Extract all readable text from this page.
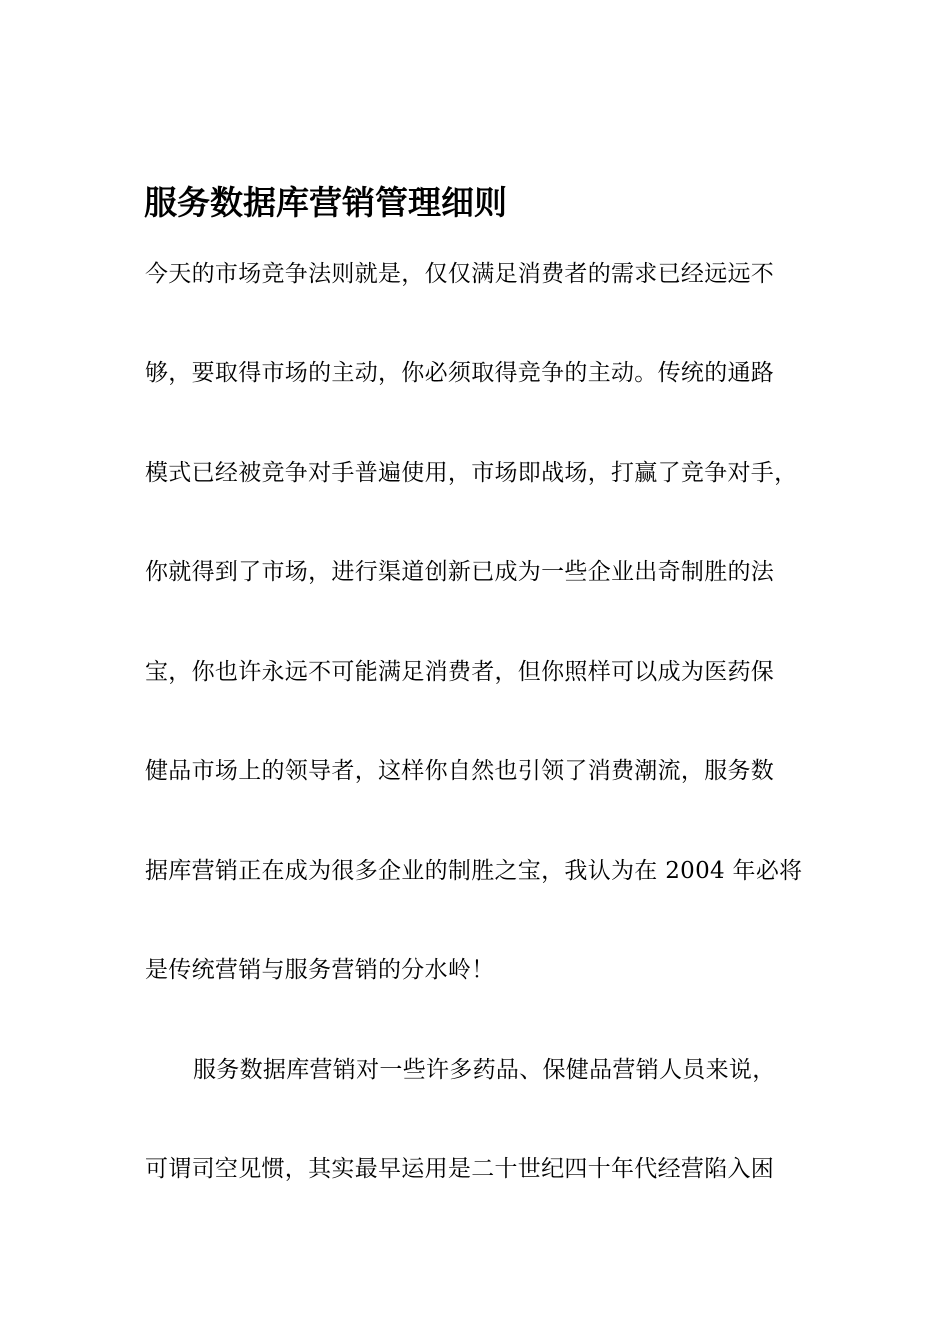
服务数据库营销管理细则
今天的市场竞争法则就是，仅仅满足消费者的需求已经远远不
够，要取得市场的主动，你必须取得竞争的主动。传统的通路
模式已经被竞争对手普遍使用，市场即战场，打赢了竞争对手，
你就得到了市场，进行渠道创新已成为一些企业出奇制胜的法
宝，你也许永远不可能满足消费者，但你照样可以成为医药保
健品市场上的领导者，这样你自然也引领了消费潮流，服务数
据库营销正在成为很多企业的制胜之宝，我认为在 2004 年必将
是传统营销与服务营销的分水岭！
服务数据库营销对一些许多药品、保健品营销人员来说，
可谓司空见惯，其实最早运用是二十世纪四十年代经营陷入困
